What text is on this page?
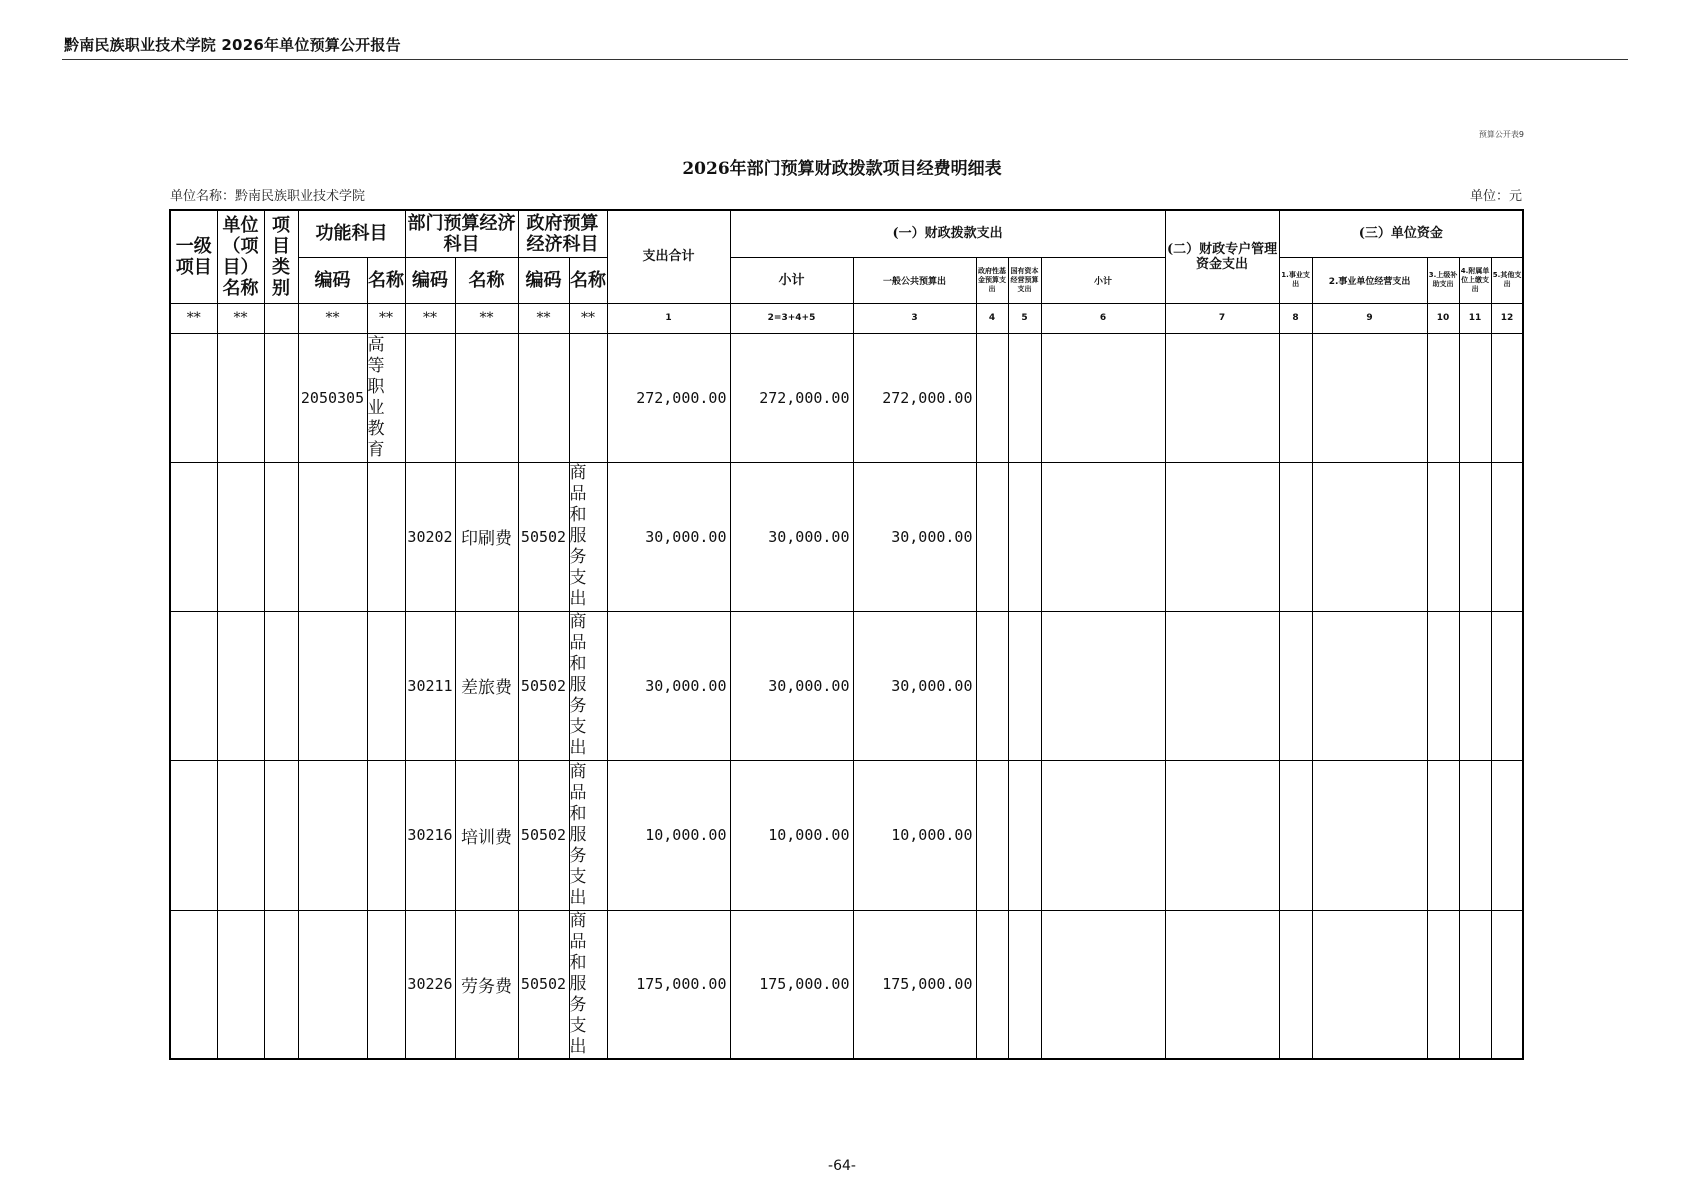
黔南民族职业技术学院 2026年单位预算公开报告
预算公开表9
2026年部门预算财政拨款项目经费明细表
单位名称：黔南民族职业技术学院	单位：元
一级项目	单位（项目）名称	项目类别	功能科目		部门预算经济科目		政府预算经济科目		支出合计	(一）财政拨款支出					(二）财政专户管理资金支出	(三）单位资金				
			编码	名称	编码	名称	编码	名称		小计	一般公共预算出	政府性基金预算支出	国有资本经营预算支出	小计		1.事业支出	2.事业单位经营支出	3.上级补助支出	4.附属单位上缴支出	5.其他支出
**	**		**	**	**	**	**	**	1	2=3+4+5	3	4	5	6	7	8	9	10	11	12
			2050305	高等职业教育					272,000.00	272,000.00	272,000.00									
					30202	印刷费	50502	商品和服务支出	30,000.00	30,000.00	30,000.00									
					30211	差旅费	50502	商品和服务支出	30,000.00	30,000.00	30,000.00									
					30216	培训费	50502	商品和服务支出	10,000.00	10,000.00	10,000.00									
					30226	劳务费	50502	商品和服务支出	175,000.00	175,000.00	175,000.00									
-64-
